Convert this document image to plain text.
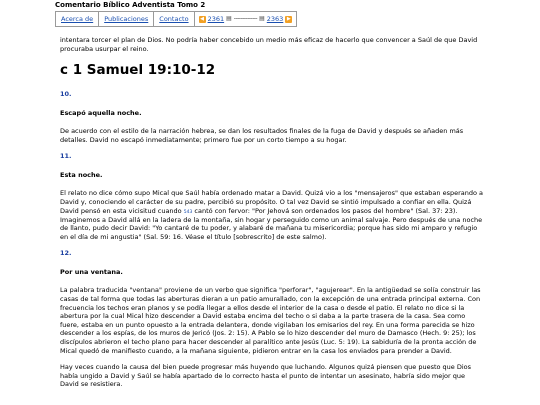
Comentario Bíblico Adventista Tomo 2
Acerca de	Publicaciones	Contacto	◀ 2361 ▤ -------------- ▤ 2363 ▶

intentara torcer el plan de Dios. No podría haber concebido un medio más eficaz de hacerlo que convencer a Saúl de que David procuraba usurpar el reino.

c 1 Samuel 19:10-12

10.

Escapó aquella noche.

De acuerdo con el estilo de la narración hebrea, se dan los resultados finales de la fuga de David y después se añaden más detalles. David no escapó inmediatamente; primero fue por un corto tiempo a su hogar.

11.

Esta noche.

El relato no dice cómo supo Mical que Saúl había ordenado matar a David. Quizá vio a los "mensajeros" que estaban esperando a David y, conociendo el carácter de su padre, percibió su propósito. O tal vez David se sintió impulsado a confiar en ella. Quizá David pensó en esta vicisitud cuando 543 cantó con fervor: "Por Jehová son ordenados los pasos del hombre" (Sal. 37: 23). Imaginemos a David allá en la ladera de la montaña, sin hogar y perseguido como un animal salvaje. Pero después de una noche de llanto, pudo decir David: "Yo cantaré de tu poder, y alabaré de mañana tu misericordia; porque has sido mi amparo y refugio en el día de mi angustia" (Sal. 59: 16. Véase el título [sobrescrito] de este salmo).

12.

Por una ventana.

La palabra traducida "ventana" proviene de un verbo que significa "perforar", "agujerear". En la antigüedad se solía construir las casas de tal forma que todas las aberturas dieran a un patio amurallado, con la excepción de una entrada principal externa. Con frecuencia los techos eran planos y se podía llegar a ellos desde el interior de la casa o desde el patio. El relato no dice si la abertura por la cual Mical hizo descender a David estaba encima del techo o si daba a la parte trasera de la casa. Sea como fuere, estaba en un punto opuesto a la entrada delantera, donde vigilaban los emisarios del rey. En una forma parecida se hizo descender a los espías, de los muros de Jericó (Jos. 2: 15). A Pablo se lo hizo descender del muro de Damasco (Hech. 9: 25); los discípulos abrieron el techo plano para hacer descender al paralítico ante Jesús (Luc. 5: 19). La sabiduría de la pronta acción de Mical quedó de manifiesto cuando, a la mañana siguiente, pidieron entrar en la casa los enviados para prender a David.

Hay veces cuando la causa del bien puede progresar más huyendo que luchando. Algunos quizá piensen que puesto que Dios había ungido a David y Saúl se había apartado de lo correcto hasta el punto de intentar un asesinato, habría sido mejor que David se resistiera.
